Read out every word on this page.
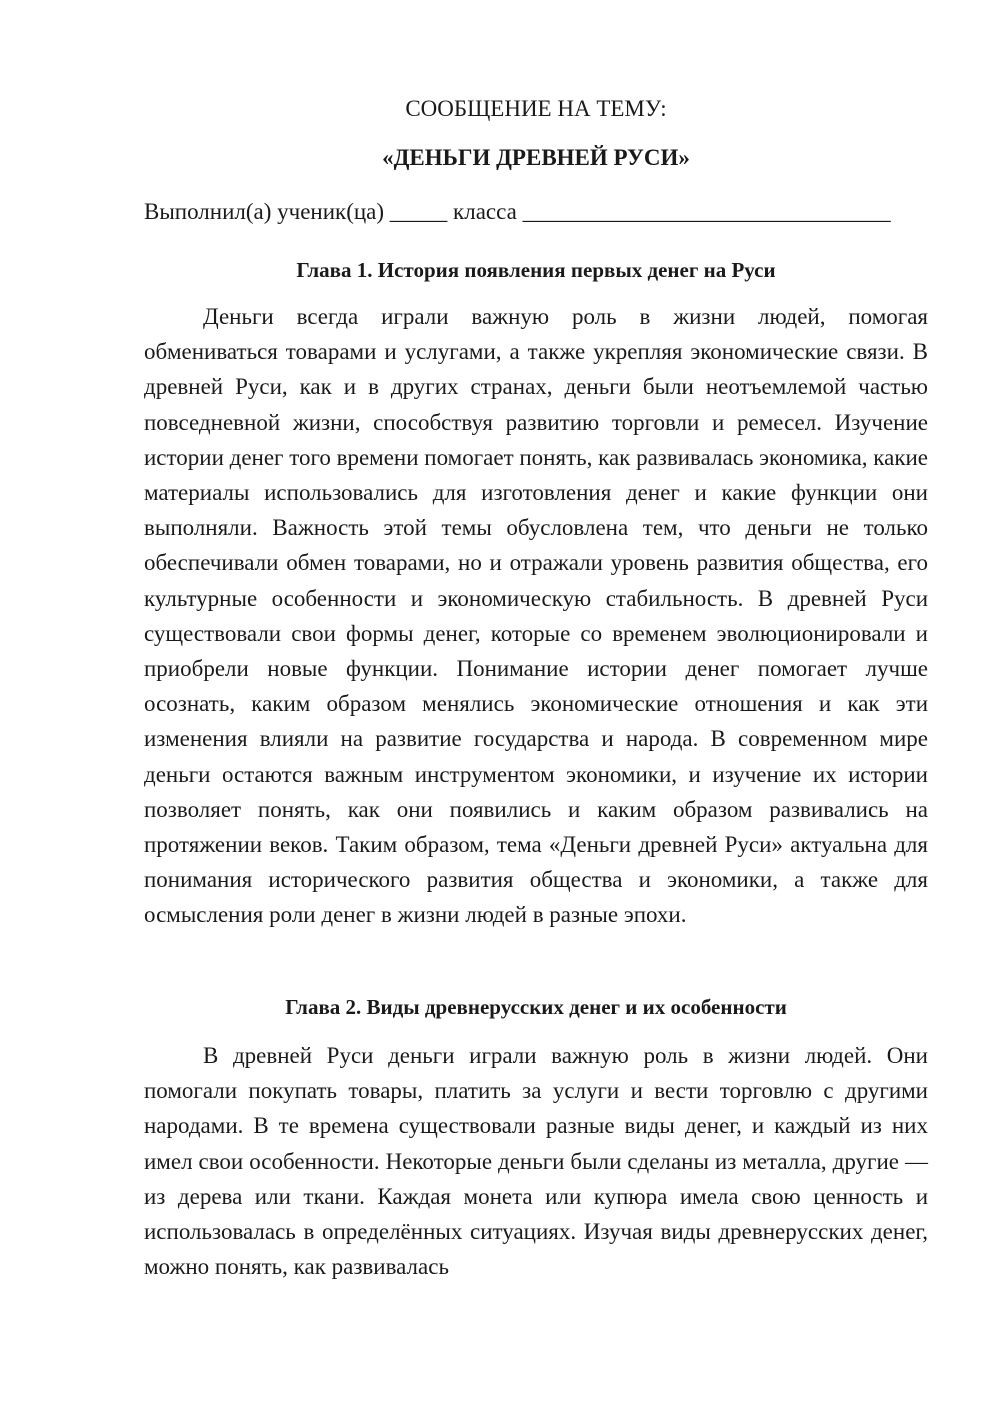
СООБЩЕНИЕ НА ТЕМУ:
«ДЕНЬГИ ДРЕВНЕЙ РУСИ»
Выполнил(а) ученик(ца) _____ класса ________________________________
Глава 1. История появления первых денег на Руси

Деньги всегда играли важную роль в жизни людей, помогая обмениваться товарами и услугами, а также укрепляя экономические связи. В древней Руси, как и в других странах, деньги были неотъемлемой частью повседневной жизни, способствуя развитию торговли и ремесел. Изучение истории денег того времени помогает понять, как развивалась экономика, какие материалы использовались для изготовления денег и какие функции они выполняли. Важность этой темы обусловлена тем, что деньги не только обеспечивали обмен товарами, но и отражали уровень развития общества, его культурные особенности и экономическую стабильность. В древней Руси существовали свои формы денег, которые со временем эволюционировали и приобрели новые функции. Понимание истории денег помогает лучше осознать, каким образом менялись экономические отношения и как эти изменения влияли на развитие государства и народа. В современном мире деньги остаются важным инструментом экономики, и изучение их истории позволяет понять, как они появились и каким образом развивались на протяжении веков. Таким образом, тема «Деньги древней Руси» актуальна для понимания исторического развития общества и экономики, а также для осмысления роли денег в жизни людей в разные эпохи.

Глава 2. Виды древнерусских денег и их особенности

В древней Руси деньги играли важную роль в жизни людей. Они помогали покупать товары, платить за услуги и вести торговлю с другими народами. В те времена существовали разные виды денег, и каждый из них имел свои особенности. Некоторые деньги были сделаны из металла, другие — из дерева или ткани. Каждая монета или купюра имела свою ценность и использовалась в определённых ситуациях. Изучая виды древнерусских денег, можно понять, как развивалась
